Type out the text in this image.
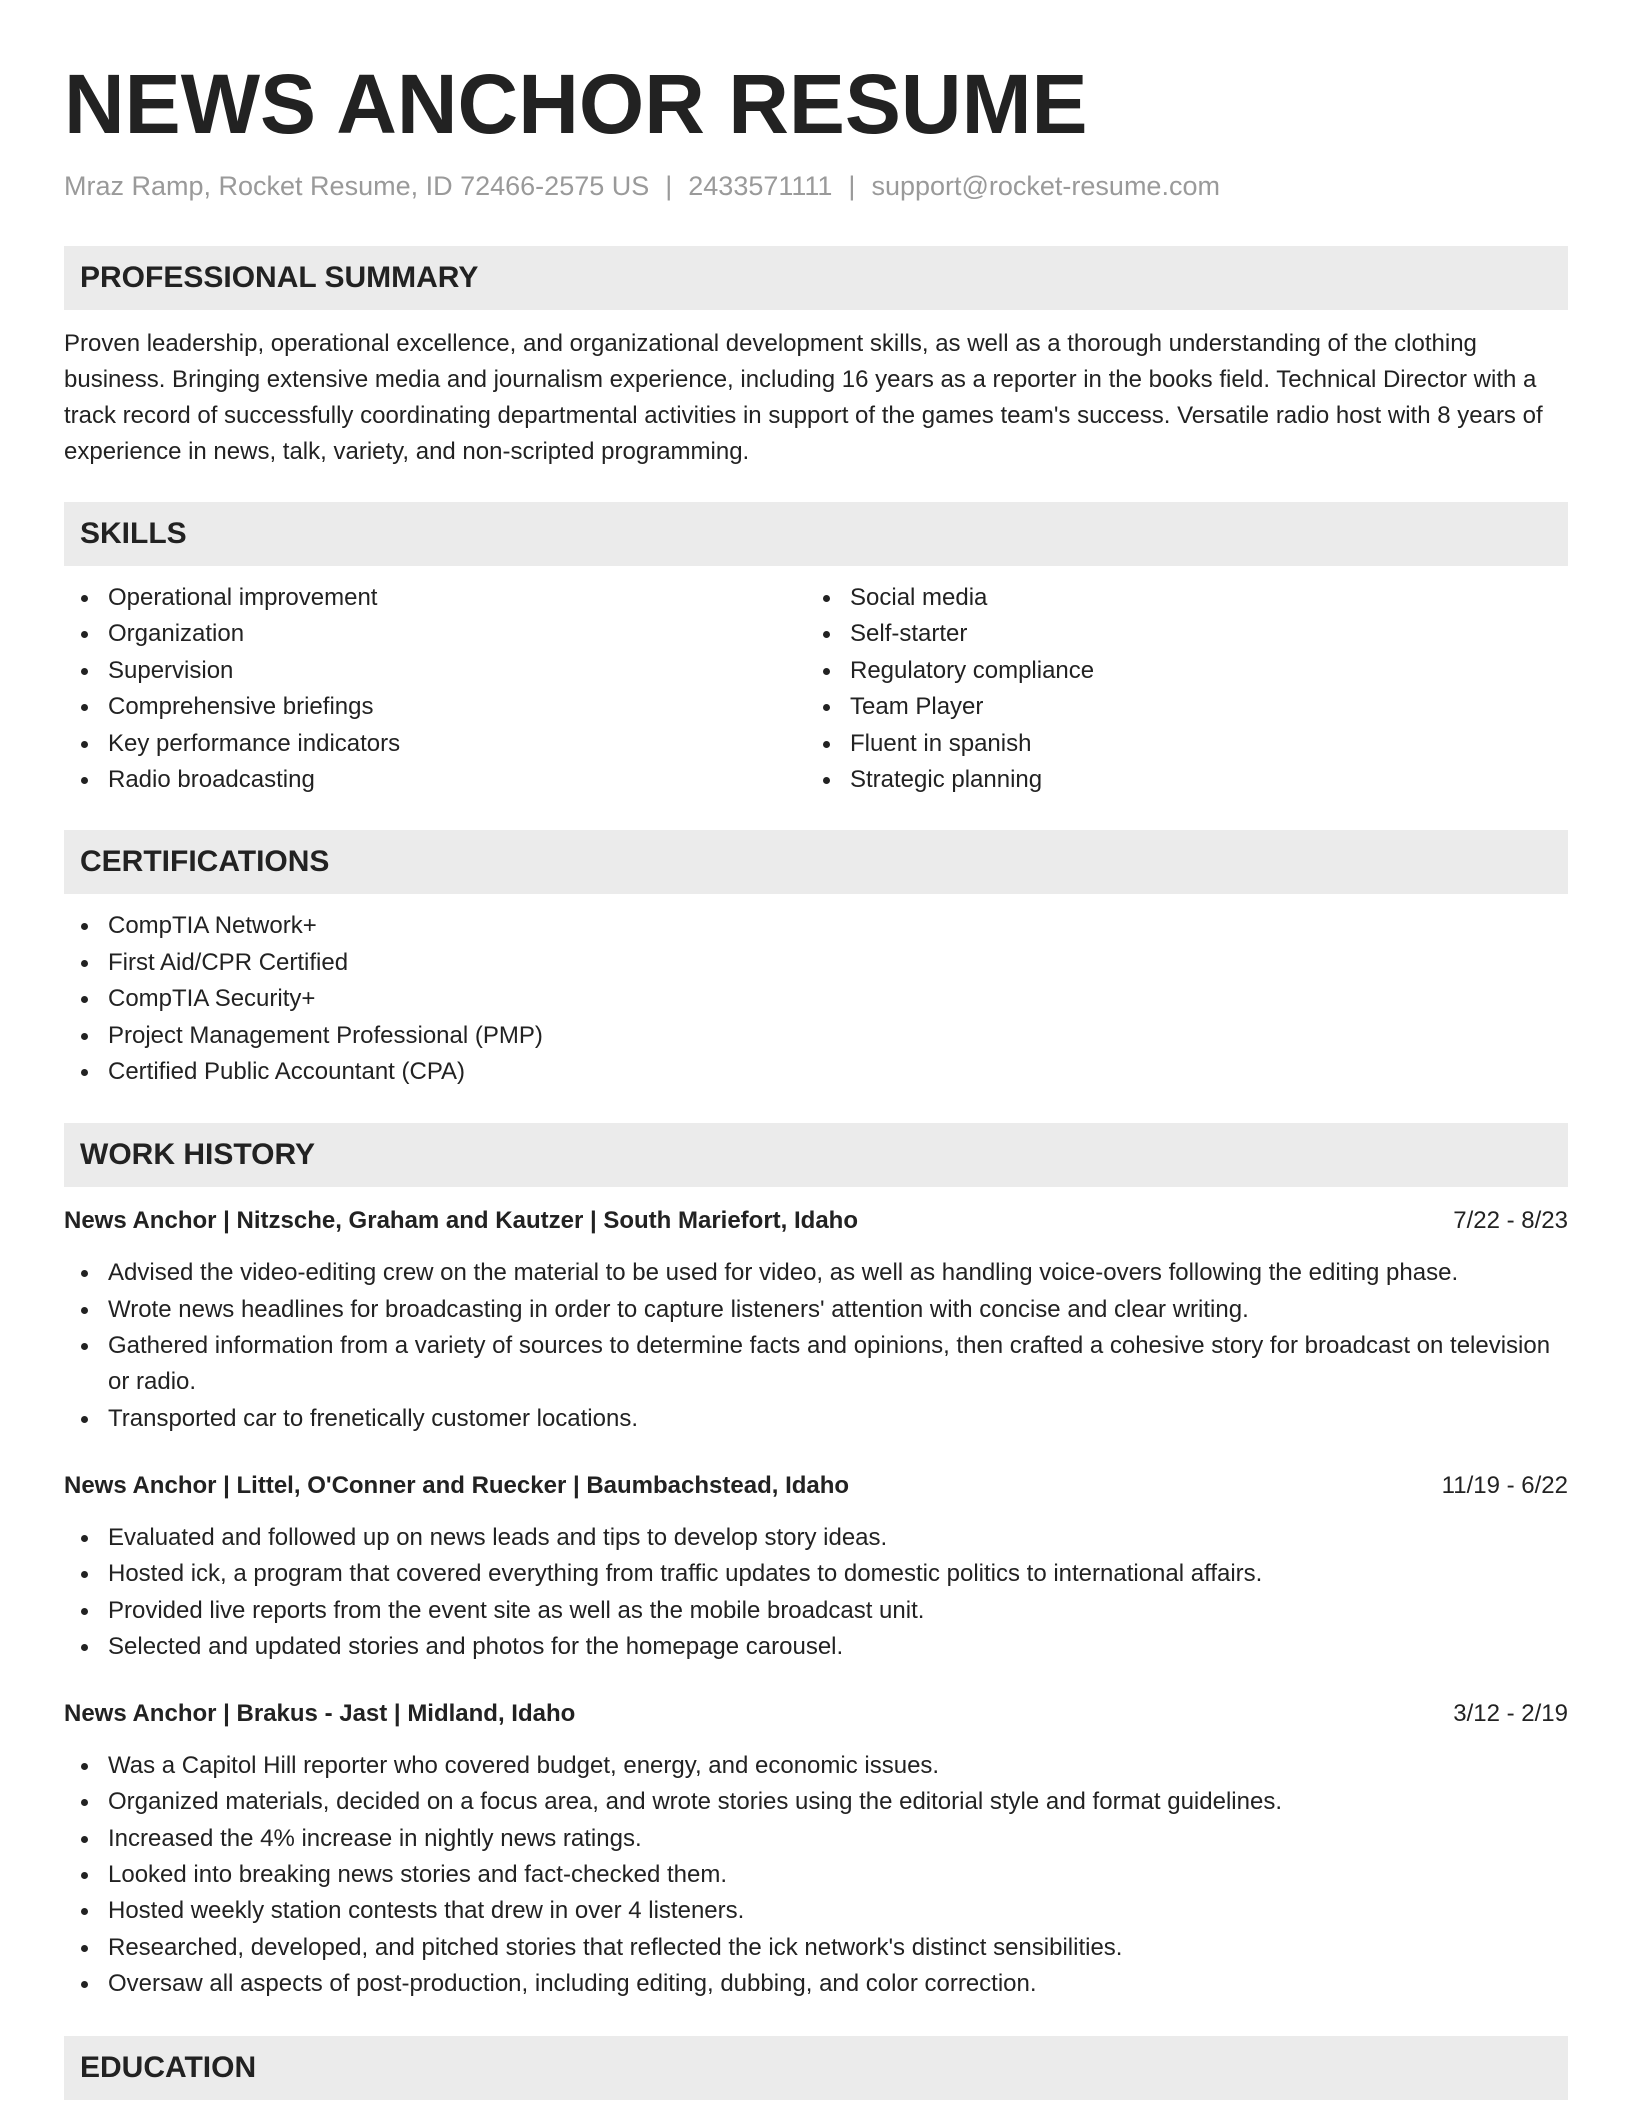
NEWS ANCHOR RESUME
Mraz Ramp, Rocket Resume, ID 72466-2575 US | 2433571111 | support@rocket-resume.com
PROFESSIONAL SUMMARY

Proven leadership, operational excellence, and organizational development skills, as well as a thorough understanding of the clothing business. Bringing extensive media and journalism experience, including 16 years as a reporter in the books field. Technical Director with a track record of successfully coordinating departmental activities in support of the games team's success. Versatile radio host with 8 years of experience in news, talk, variety, and non-scripted programming.

SKILLS
Operational improvement
Organization
Supervision
Comprehensive briefings
Key performance indicators
Radio broadcasting
Social media
Self-starter
Regulatory compliance
Team Player
Fluent in spanish
Strategic planning
CERTIFICATIONS
CompTIA Network+
First Aid/CPR Certified
CompTIA Security+
Project Management Professional (PMP)
Certified Public Accountant (CPA)
WORK HISTORY
News Anchor | Nitzsche, Graham and Kautzer | South Mariefort, Idaho	7/22 - 8/23
Advised the video-editing crew on the material to be used for video, as well as handling voice-overs following the editing phase.
Wrote news headlines for broadcasting in order to capture listeners' attention with concise and clear writing.
Gathered information from a variety of sources to determine facts and opinions, then crafted a cohesive story for broadcast on television or radio.
Transported car to frenetically customer locations.
News Anchor | Littel, O'Conner and Ruecker | Baumbachstead, Idaho	11/19 - 6/22
Evaluated and followed up on news leads and tips to develop story ideas.
Hosted ick, a program that covered everything from traffic updates to domestic politics to international affairs.
Provided live reports from the event site as well as the mobile broadcast unit.
Selected and updated stories and photos for the homepage carousel.
News Anchor | Brakus - Jast | Midland, Idaho	3/12 - 2/19
Was a Capitol Hill reporter who covered budget, energy, and economic issues.
Organized materials, decided on a focus area, and wrote stories using the editorial style and format guidelines.
Increased the 4% increase in nightly news ratings.
Looked into breaking news stories and fact-checked them.
Hosted weekly station contests that drew in over 4 listeners.
Researched, developed, and pitched stories that reflected the ick network's distinct sensibilities.
Oversaw all aspects of post-production, including editing, dubbing, and color correction.
EDUCATION
